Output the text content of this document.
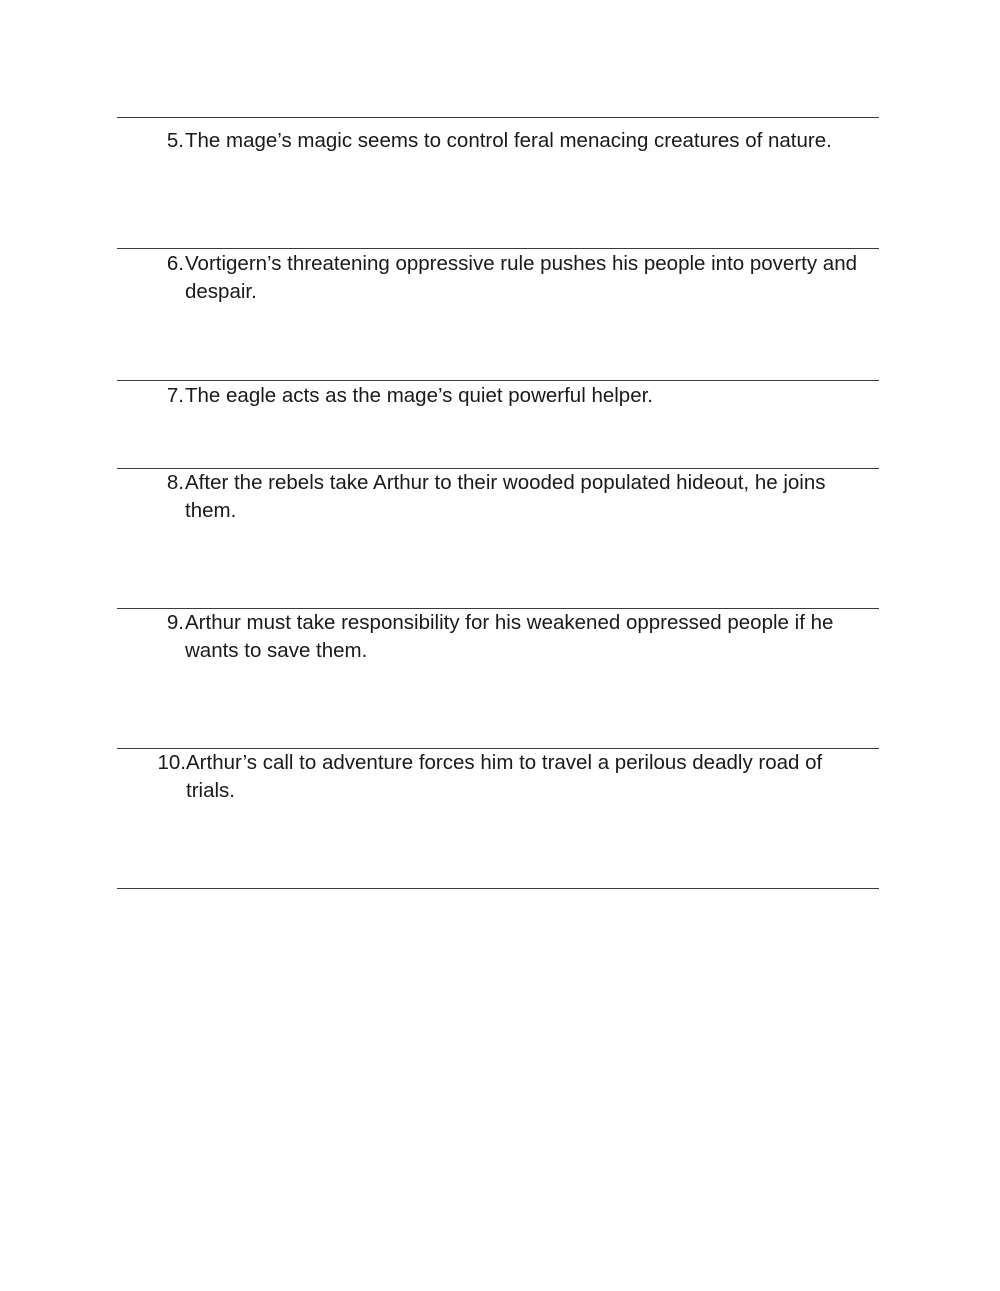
5. The mage’s magic seems to control feral menacing creatures of nature.
6. Vortigern’s threatening oppressive rule pushes his people into poverty and despair.
7. The eagle acts as the mage’s quiet powerful helper.
8. After the rebels take Arthur to their wooded populated hideout, he joins them.
9. Arthur must take responsibility for his weakened oppressed people if he wants to save them.
10. Arthur’s call to adventure forces him to travel a perilous deadly road of trials.
